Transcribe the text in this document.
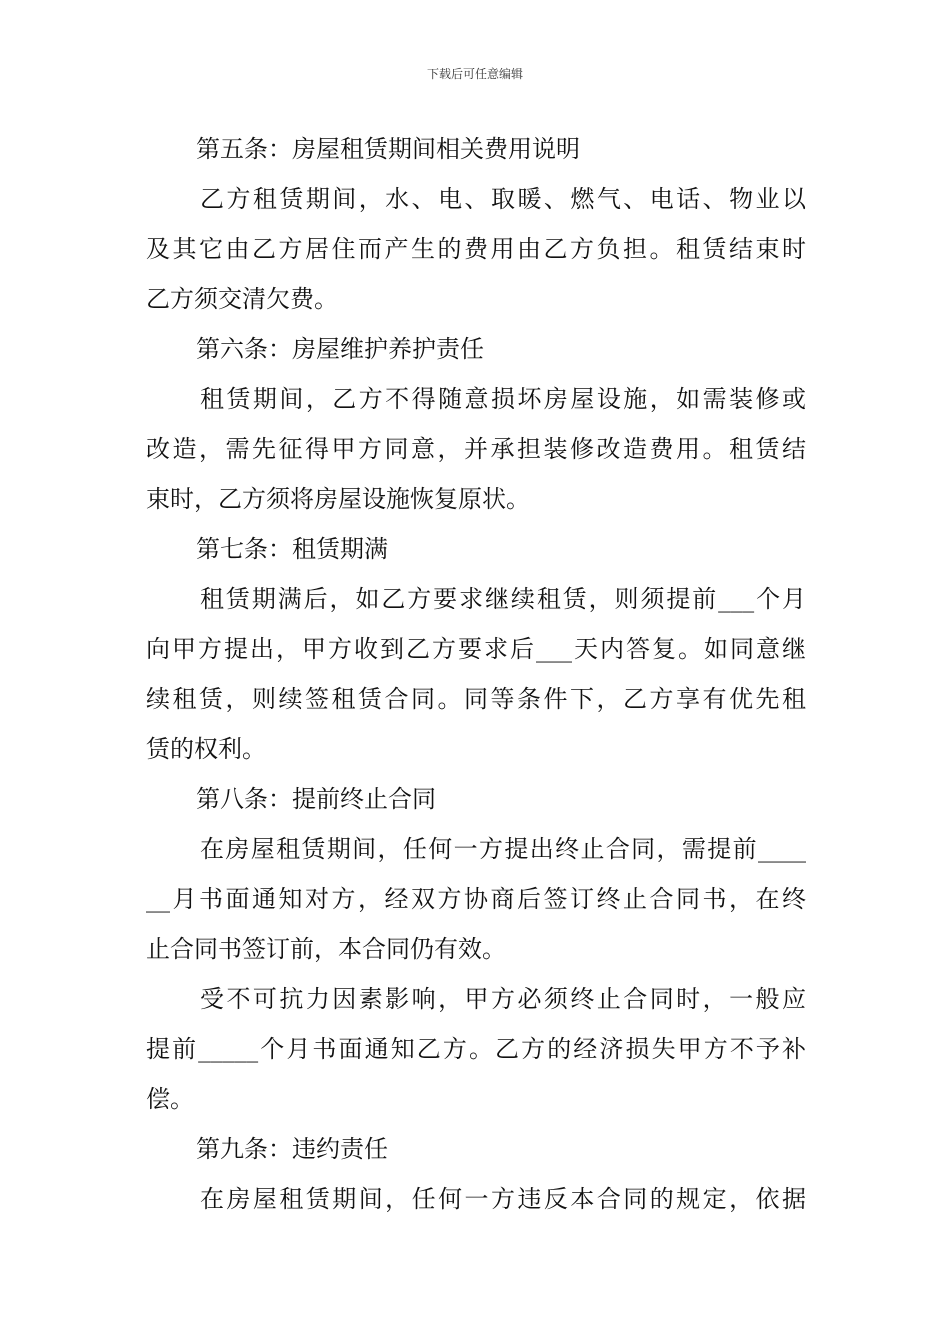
下载后可任意编辑
第五条：房屋租赁期间相关费用说明
乙方租赁期间，水、电、取暖、燃气、电话、物业以
及其它由乙方居住而产生的费用由乙方负担。租赁结束时
乙方须交清欠费。
第六条：房屋维护养护责任
租赁期间，乙方不得随意损坏房屋设施，如需装修或
改造，需先征得甲方同意，并承担装修改造费用。租赁结
束时，乙方须将房屋设施恢复原状。
第七条：租赁期满
租赁期满后，如乙方要求继续租赁，则须提前___个月
向甲方提出，甲方收到乙方要求后___天内答复。如同意继
续租赁，则续签租赁合同。同等条件下，乙方享有优先租
赁的权利。
第八条：提前终止合同
在房屋租赁期间，任何一方提出终止合同，需提前____
__月书面通知对方，经双方协商后签订终止合同书，在终
止合同书签订前，本合同仍有效。
受不可抗力因素影响，甲方必须终止合同时，一般应
提前_____个月书面通知乙方。乙方的经济损失甲方不予补
偿。
第九条：违约责任
在房屋租赁期间，任何一方违反本合同的规定，依据
